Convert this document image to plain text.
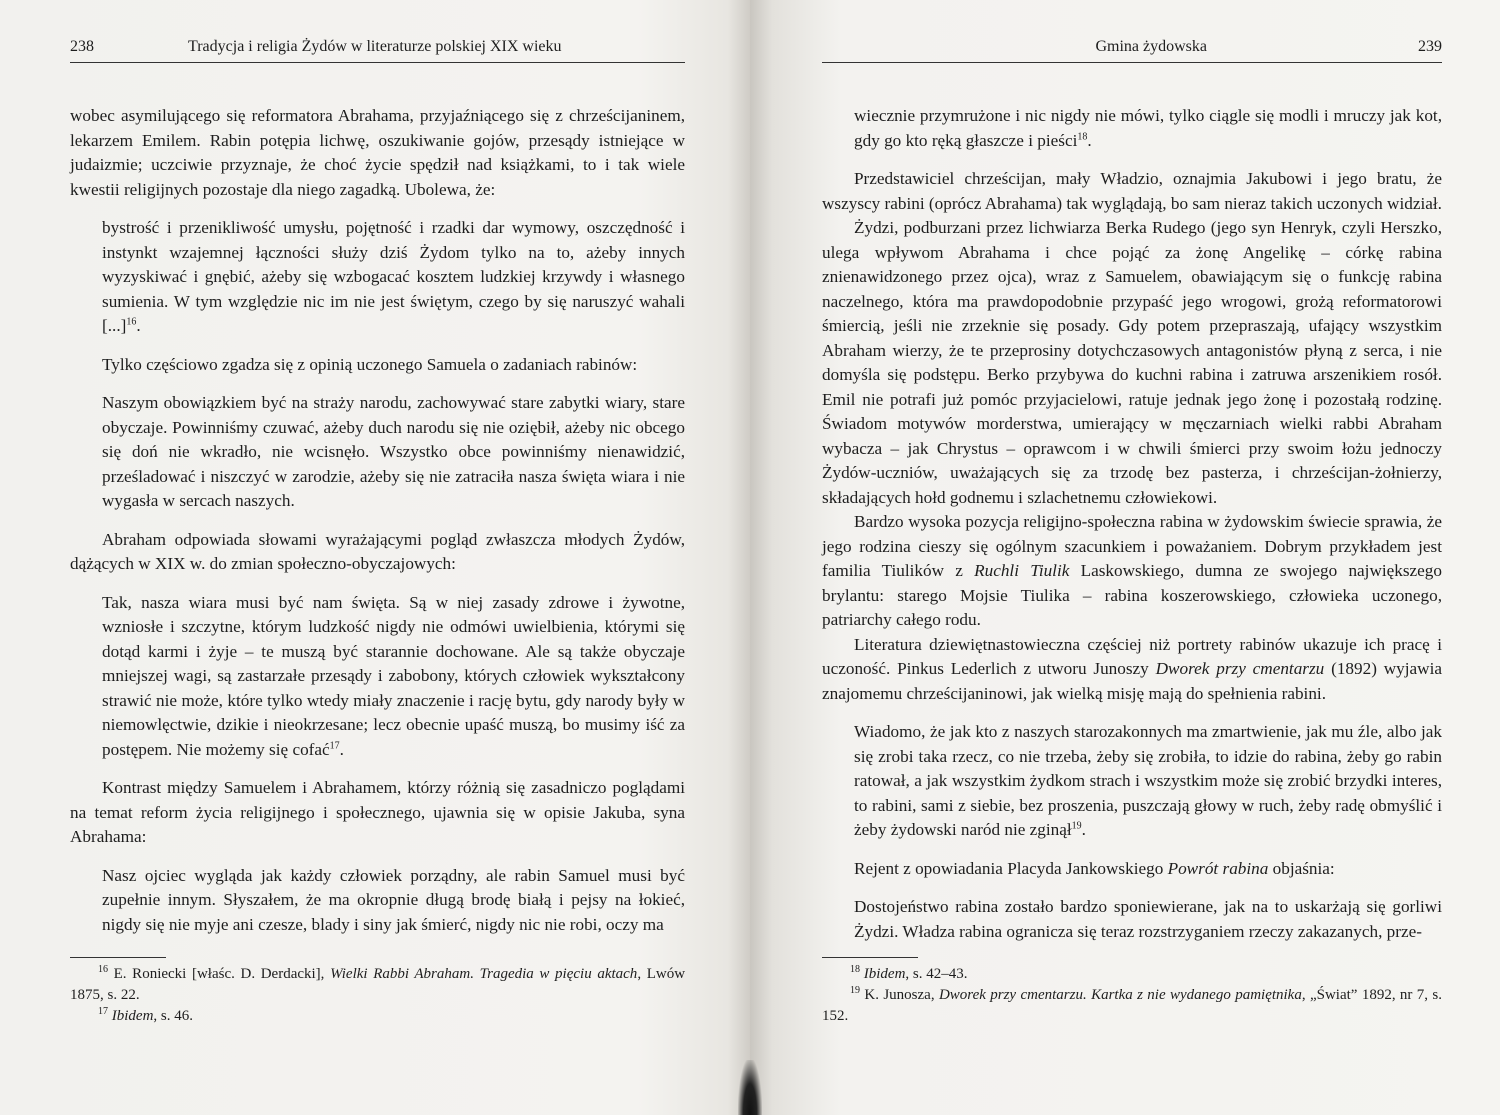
238	Tradycja i religia Żydów w literaturze polskiej XIX wieku

wobec asymilującego się reformatora Abrahama, przyjaźniącego się z chrześcijaninem, lekarzem Emilem. Rabin potępia lichwę, oszukiwanie gojów, przesądy istniejące w judaizmie; uczciwie przyznaje, że choć życie spędził nad książkami, to i tak wiele kwestii religijnych pozostaje dla niego zagadką. Ubolewa, że:

bystrość i przenikliwość umysłu, pojętność i rzadki dar wymowy, oszczędność i instynkt wzajemnej łączności służy dziś Żydom tylko na to, ażeby innych wyzyskiwać i gnębić, ażeby się wzbogacać kosztem ludzkiej krzywdy i własnego sumienia. W tym względzie nic im nie jest świętym, czego by się naruszyć wahali [...]$^{16}$.

Tylko częściowo zgadza się z opinią uczonego Samuela o zadaniach rabinów:

Naszym obowiązkiem być na straży narodu, zachowywać stare zabytki wiary, stare obyczaje. Powinniśmy czuwać, ażeby duch narodu się nie oziębił, ażeby nic obcego się doń nie wkradło, nie wcisnęło. Wszystko obce powinniśmy nienawidzić, prześladować i niszczyć w zarodzie, ażeby się nie zatraciła nasza święta wiara i nie wygasła w sercach naszych.

Abraham odpowiada słowami wyrażającymi pogląd zwłaszcza młodych Żydów, dążących w XIX w. do zmian społeczno-obyczajowych:

Tak, nasza wiara musi być nam święta. Są w niej zasady zdrowe i żywotne, wzniosłe i szczytne, którym ludzkość nigdy nie odmówi uwielbienia, którymi się dotąd karmi i żyje – te muszą być starannie dochowane. Ale są także obyczaje mniejszej wagi, są zastarzałe przesądy i zabobony, których człowiek wykształcony strawić nie może, które tylko wtedy miały znaczenie i rację bytu, gdy narody były w niemowlęctwie, dzikie i nieokrzesane; lecz obecnie upaść muszą, bo musimy iść za postępem. Nie możemy się cofać$^{17}$.

Kontrast między Samuelem i Abrahamem, którzy różnią się zasadniczo poglądami na temat reform życia religijnego i społecznego, ujawnia się w opisie Jakuba, syna Abrahama:

Nasz ojciec wygląda jak każdy człowiek porządny, ale rabin Samuel musi być zupełnie innym. Słyszałem, że ma okropnie długą brodę białą i pejsy na łokieć, nigdy się nie myje ani czesze, blady i siny jak śmierć, nigdy nic nie robi, oczy ma

$^{16}$ E. Roniecki [właśc. D. Derdacki], Wielki Rabbi Abraham. Tragedia w pięciu aktach, Lwów 1875, s. 22.

$^{17}$ Ibidem, s. 46.

Gmina żydowska	239
wiecznie przymrużone i nic nigdy nie mówi, tylko ciągle się modli i mruczy jak kot, gdy go kto ręką głaszcze i pieści$^{18}$.

Przedstawiciel chrześcijan, mały Władzio, oznajmia Jakubowi i jego bratu, że wszyscy rabini (oprócz Abrahama) tak wyglądają, bo sam nieraz takich uczonych widział.

Żydzi, podburzani przez lichwiarza Berka Rudego (jego syn Henryk, czyli Herszko, ulega wpływom Abrahama i chce pojąć za żonę Angelikę – córkę rabina znienawidzonego przez ojca), wraz z Samuelem, obawiającym się o funkcję rabina naczelnego, która ma prawdopodobnie przypaść jego wrogowi, grożą reformatorowi śmiercią, jeśli nie zrzeknie się posady. Gdy potem przepraszają, ufający wszystkim Abraham wierzy, że te przeprosiny dotychczasowych antagonistów płyną z serca, i nie domyśla się podstępu. Berko przybywa do kuchni rabina i zatruwa arszenikiem rosół. Emil nie potrafi już pomóc przyjacielowi, ratuje jednak jego żonę i pozostałą rodzinę. Świadom motywów morderstwa, umierający w męczarniach wielki rabbi Abraham wybacza – jak Chrystus – oprawcom i w chwili śmierci przy swoim łożu jednoczy Żydów-uczniów, uważających się za trzodę bez pasterza, i chrześcijan-żołnierzy, składających hołd godnemu i szlachetnemu człowiekowi.

Bardzo wysoka pozycja religijno-społeczna rabina w żydowskim świecie sprawia, że jego rodzina cieszy się ogólnym szacunkiem i poważaniem. Dobrym przykładem jest familia Tiulików z Ruchli Tiulik Laskowskiego, dumna ze swojego największego brylantu: starego Mojsie Tiulika – rabina koszerowskiego, człowieka uczonego, patriarchy całego rodu.

Literatura dziewiętnastowieczna częściej niż portrety rabinów ukazuje ich pracę i uczoność. Pinkus Lederlich z utworu Junoszy Dworek przy cmentarzu (1892) wyjawia znajomemu chrześcijaninowi, jak wielką misję mają do spełnienia rabini.

Wiadomo, że jak kto z naszych starozakonnych ma zmartwienie, jak mu źle, albo jak się zrobi taka rzecz, co nie trzeba, żeby się zrobiła, to idzie do rabina, żeby go rabin ratował, a jak wszystkim żydkom strach i wszystkim może się zrobić brzydki interes, to rabini, sami z siebie, bez proszenia, puszczają głowy w ruch, żeby radę obmyślić i żeby żydowski naród nie zginął$^{19}$.

Rejent z opowiadania Placyda Jankowskiego Powrót rabina objaśnia:

Dostojeństwo rabina zostało bardzo sponiewierane, jak na to uskarżają się gorliwi Żydzi. Władza rabina ogranicza się teraz rozstrzyganiem rzeczy zakazanych, prze-

$^{18}$ Ibidem, s. 42–43.

$^{19}$ K. Junosza, Dworek przy cmentarzu. Kartka z nie wydanego pamiętnika, „Świat” 1892, nr 7, s. 152.
